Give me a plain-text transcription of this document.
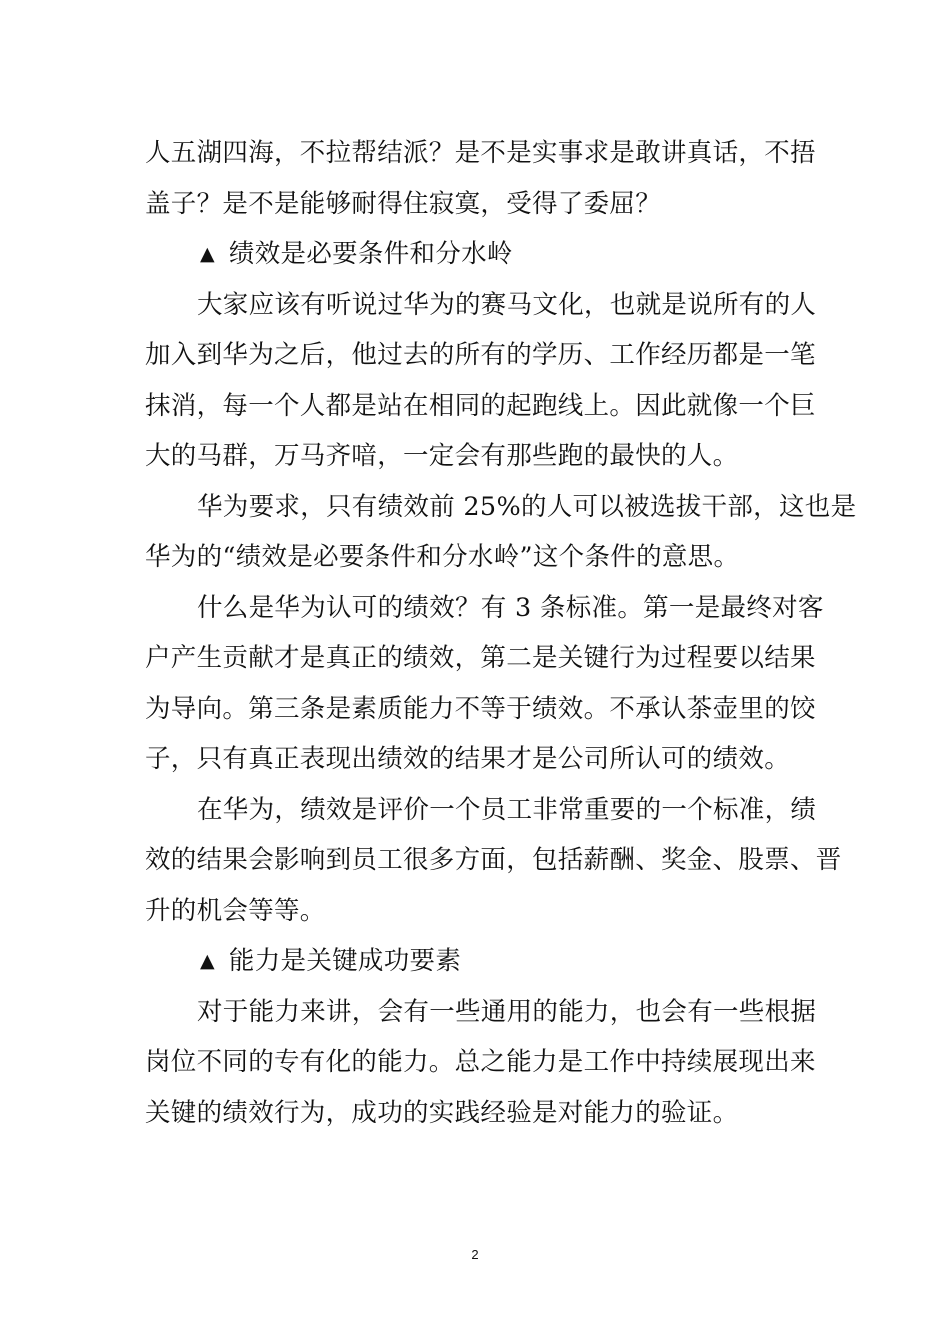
人五湖四海，不拉帮结派？是不是实事求是敢讲真话，不捂
盖子？是不是能够耐得住寂寞，受得了委屈？
▲ 绩效是必要条件和分水岭
大家应该有听说过华为的赛马文化，也就是说所有的人
加入到华为之后，他过去的所有的学历、工作经历都是一笔
抹消，每一个人都是站在相同的起跑线上。因此就像一个巨
大的马群，万马齐喑，一定会有那些跑的最快的人。
华为要求，只有绩效前 25%的人可以被选拔干部，这也是
华为的“绩效是必要条件和分水岭”这个条件的意思。
什么是华为认可的绩效？有 3 条标准。第一是最终对客
户产生贡献才是真正的绩效，第二是关键行为过程要以结果
为导向。第三条是素质能力不等于绩效。不承认茶壶里的饺
子，只有真正表现出绩效的结果才是公司所认可的绩效。
在华为，绩效是评价一个员工非常重要的一个标准，绩
效的结果会影响到员工很多方面，包括薪酬、奖金、股票、晋
升的机会等等。
▲ 能力是关键成功要素
对于能力来讲，会有一些通用的能力，也会有一些根据
岗位不同的专有化的能力。总之能力是工作中持续展现出来
关键的绩效行为，成功的实践经验是对能力的验证。
2
